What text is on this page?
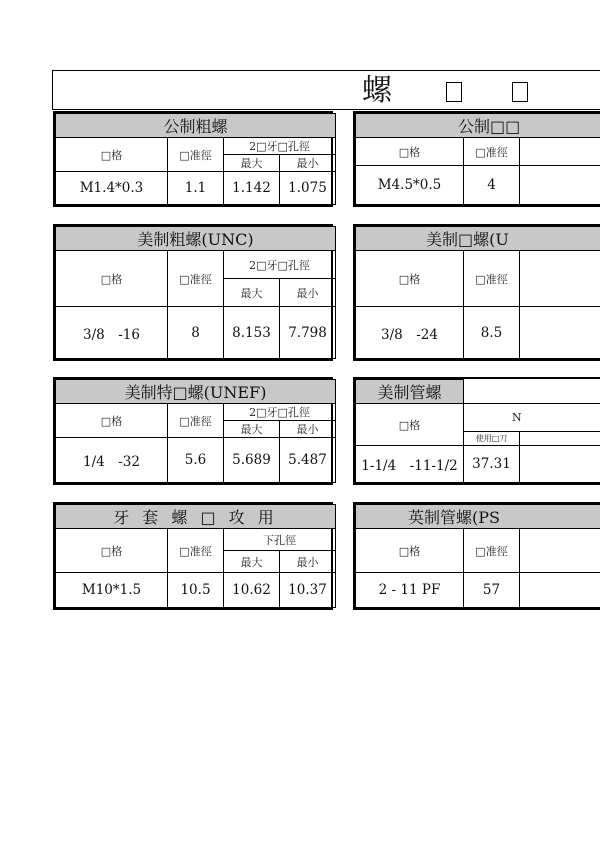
螺
公制粗螺			
□格	□准徑	2□牙□孔徑	
		最大	最小
M1.4*0.3	1.1	1.142	1.075
公制□□		
□格	□准徑	
M4.5*0.5	4	
美制粗螺(UNC)			
□格	□准徑	2□牙□孔徑	
		最大	最小
3/8　-16	8	8.153	7.798
美制□螺(U		
□格	□准徑	
3/8　-24	8.5	
美制特□螺(UNEF)			
□格	□准徑	2□牙□孔徑	
		最大	最小
1/4　-32	5.6	5.689	5.487
美制管螺		
□格	N	
	使用□刀	
1-1/4　-11-1/2	37.31	
牙 套 螺 □ 攻 用			
□格	□准徑	下孔徑	
		最大	最小
M10*1.5	10.5	10.62	10.37
英制管螺(PS		
□格	□准徑	
2 - 11 PF	57	
